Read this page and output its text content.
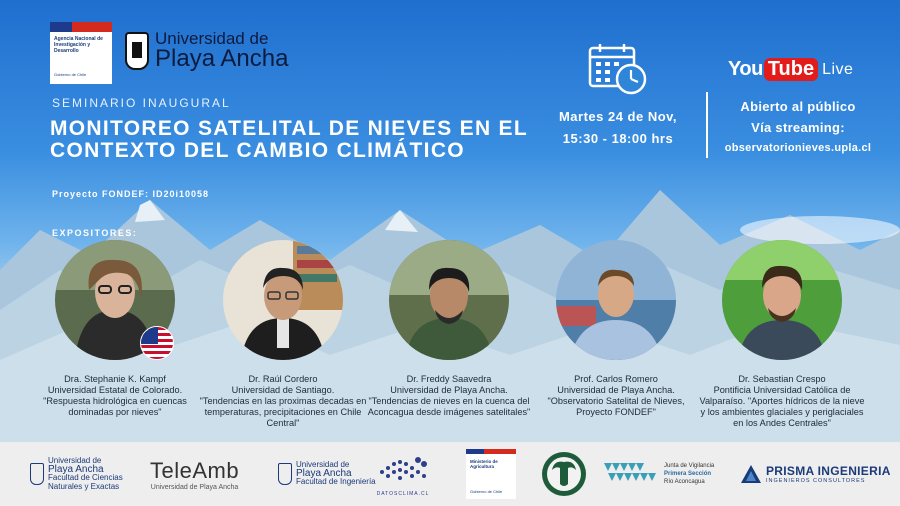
Agencia Nacional de Investigación y Desarrollo
Gobierno de Chile
Universidad de
Playa Ancha
SEMINARIO INAUGURAL
MONITOREO SATELITAL DE NIEVES EN EL CONTEXTO DEL CAMBIO CLIMÁTICO
Proyecto FONDEF: ID20i10058
Martes 24 de Nov,
15:30 - 18:00 hrs
You Tube Live
Abierto al público
Vía streaming:
observatorionieves.upla.cl
EXPOSITORES:
Dra. Stephanie K. Kampf
Universidad Estatal de Colorado.
"Respuesta hidrológica en cuencas dominadas por nieves"
Dr. Raúl Cordero
Universidad de Santiago.
"Tendencias en las proximas decadas en temperaturas, precipitaciones en Chile Central"
Dr. Freddy Saavedra
Universidad de Playa Ancha.
"Tendencias de nieves en la cuenca del Aconcagua desde imágenes satelitales"
Prof. Carlos Romero
Universidad de Playa Ancha.
"Observatorio Satelital de Nieves, Proyecto FONDEF"
Dr. Sebastian Crespo
Pontificia Universidad Católica de Valparaíso. "Aportes hídricos de la nieve y los ambientes glaciales y periglaciales en los Andes Centrales"
Universidad de
Playa Ancha
Facultad de Ciencias Naturales y Exactas
TeleAmb
Universidad de Playa Ancha
Universidad de
Playa Ancha
Facultad de Ingeniería
DATOSCLIMA.CL
Ministerio de Agricultura
Gobierno de Chile
Junta de Vigilancia
Primera Sección
Río Aconcagua
PRISMA INGENIERIA
INGENIEROS CONSULTORES
